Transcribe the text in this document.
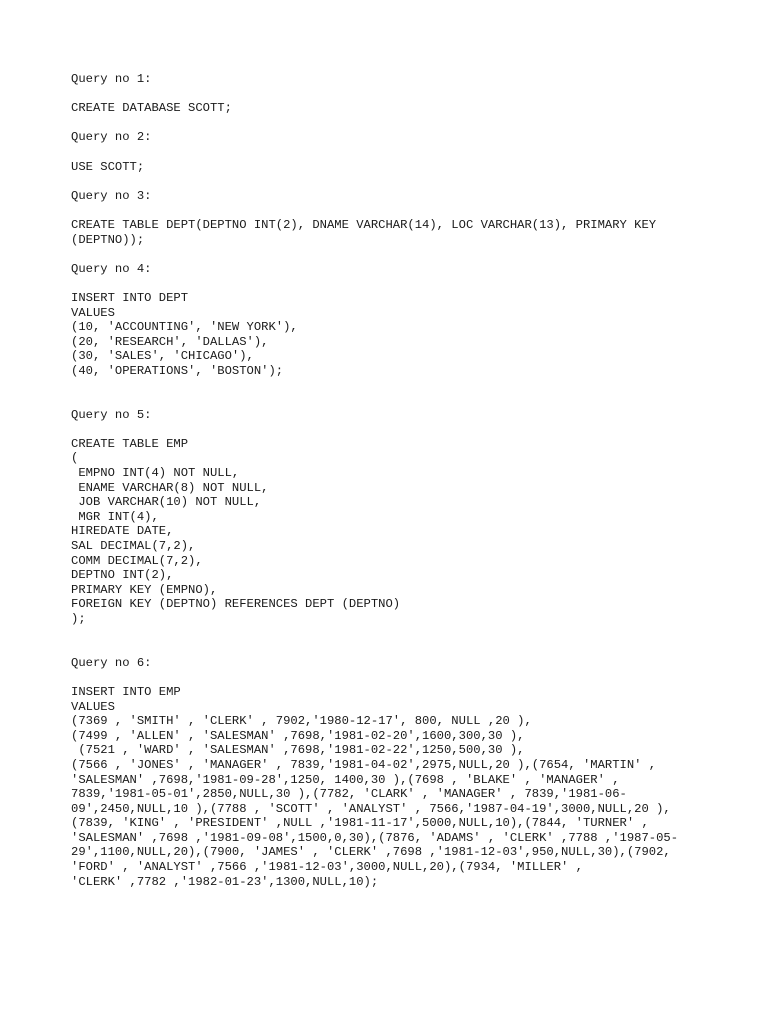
Query no 1:
CREATE DATABASE SCOTT;
Query no 2:
USE SCOTT;
Query no 3:
CREATE TABLE DEPT(DEPTNO INT(2), DNAME VARCHAR(14), LOC VARCHAR(13), PRIMARY KEY
(DEPTNO));
Query no 4:
INSERT INTO DEPT
VALUES
(10, 'ACCOUNTING', 'NEW YORK'),
(20, 'RESEARCH', 'DALLAS'),
(30, 'SALES', 'CHICAGO'),
(40, 'OPERATIONS', 'BOSTON');
Query no 5:
CREATE TABLE EMP
(
EMPNO INT(4) NOT NULL,
ENAME VARCHAR(8) NOT NULL,
JOB VARCHAR(10) NOT NULL,
MGR INT(4),
HIREDATE DATE,
SAL DECIMAL(7,2),
COMM DECIMAL(7,2),
DEPTNO INT(2),
PRIMARY KEY (EMPNO),
FOREIGN KEY (DEPTNO) REFERENCES DEPT (DEPTNO)
);
Query no 6:
INSERT INTO EMP
VALUES
(7369 , 'SMITH' , 'CLERK' , 7902,'1980-12-17', 800, NULL ,20 ),
(7499 , 'ALLEN' , 'SALESMAN' ,7698,'1981-02-20',1600,300,30 ),
(7521 , 'WARD' , 'SALESMAN' ,7698,'1981-02-22',1250,500,30 ),
(7566 , 'JONES' , 'MANAGER' , 7839,'1981-04-02',2975,NULL,20 ),(7654, 'MARTIN' ,
'SALESMAN' ,7698,'1981-09-28',1250, 1400,30 ),(7698 , 'BLAKE' , 'MANAGER' ,
7839,'1981-05-01',2850,NULL,30 ),(7782, 'CLARK' , 'MANAGER' , 7839,'1981-06-
09',2450,NULL,10 ),(7788 , 'SCOTT' , 'ANALYST' , 7566,'1987-04-19',3000,NULL,20 ),
(7839, 'KING' , 'PRESIDENT' ,NULL ,'1981-11-17',5000,NULL,10),(7844, 'TURNER' ,
'SALESMAN' ,7698 ,'1981-09-08',1500,0,30),(7876, 'ADAMS' , 'CLERK' ,7788 ,'1987-05-
29',1100,NULL,20),(7900, 'JAMES' , 'CLERK' ,7698 ,'1981-12-03',950,NULL,30),(7902,
'FORD' , 'ANALYST' ,7566 ,'1981-12-03',3000,NULL,20),(7934, 'MILLER' ,
'CLERK' ,7782 ,'1982-01-23',1300,NULL,10);
